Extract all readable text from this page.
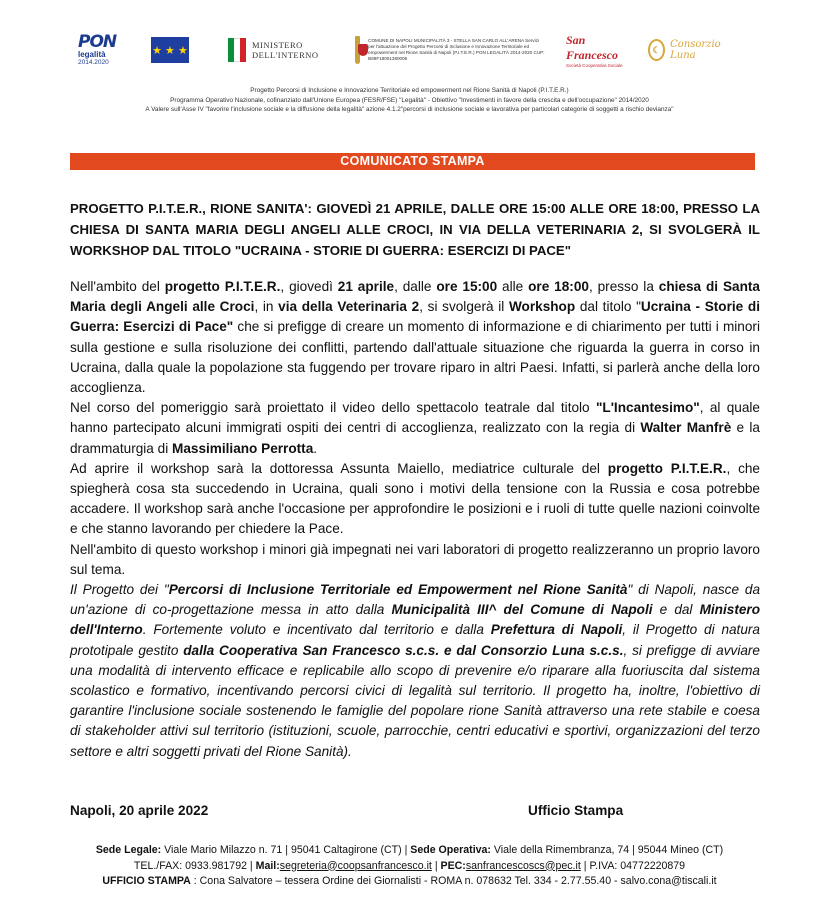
PON
legalità
2014.2020
★ ★ ★	MINISTERO
DELL'INTERNO
COMUNE DI NAPOLI MUNICIPALITÀ 3 - STELLA SAN CARLO ALL'ARENA Servizi per l'attuazione del Progetto Percorsi di Inclusione e Innovazione Territoriale ed empowerment nel Rione Sanità di Napoli (P.I.T.E.R.) PON LEGALITÀ 2014-2020 CUP: B69F18001380005
San Francesco
Società Cooperativa Sociale
☾ Consorzio Luna
Progetto Percorsi di Inclusione e Innovazione Territoriale ed empowerment nel Rione Sanità di Napoli (P.I.T.E.R.)
Programma Operativo Nazionale, cofinanziato dall'Unione Europea (FESR/FSE) "Legalità" - Obiettivo "Investimenti in favore della crescita e dell'occupazione" 2014/2020
A Valere sull'Asse IV "favorire l'inclusione sociale e la diffusione della legalità" azione 4.1.2"percorsi di inclusione sociale e lavorativa per particolari categorie di soggetti a rischio devianza"
COMUNICATO STAMPA
PROGETTO P.I.T.E.R., RIONE SANITA': GIOVEDÌ 21 APRILE, DALLE ORE 15:00 ALLE ORE 18:00, PRESSO LA CHIESA DI SANTA MARIA DEGLI ANGELI ALLE CROCI, IN VIA DELLA VETERINARIA 2, SI SVOLGERÀ IL WORKSHOP DAL TITOLO "UCRAINA - STORIE DI GUERRA: ESERCIZI DI PACE"

Nell'ambito del progetto P.I.T.E.R., giovedì 21 aprile, dalle ore 15:00 alle ore 18:00, presso la chiesa di Santa Maria degli Angeli alle Croci, in via della Veterinaria 2, si svolgerà il Workshop dal titolo "Ucraina - Storie di Guerra: Esercizi di Pace" che si prefigge di creare un momento di informazione e di chiarimento per tutti i minori sulla gestione e sulla risoluzione dei conflitti, partendo dall'attuale situazione che riguarda la guerra in corso in Ucraina, dalla quale la popolazione sta fuggendo per trovare riparo in altri Paesi. Infatti, si parlerà anche della loro accoglienza.

Nel corso del pomeriggio sarà proiettato il video dello spettacolo teatrale dal titolo "L'Incantesimo", al quale hanno partecipato alcuni immigrati ospiti dei centri di accoglienza, realizzato con la regia di Walter Manfrè e la drammaturgia di Massimiliano Perrotta.

Ad aprire il workshop sarà la dottoressa Assunta Maiello, mediatrice culturale del progetto P.I.T.E.R., che spiegherà cosa sta succedendo in Ucraina, quali sono i motivi della tensione con la Russia e cosa potrebbe accadere. Il workshop sarà anche l'occasione per approfondire le posizioni e i ruoli di tutte quelle nazioni coinvolte e che stanno lavorando per chiedere la Pace.

Nell'ambito di questo workshop i minori già impegnati nei vari laboratori di progetto realizzeranno un proprio lavoro sul tema.

Il Progetto dei "Percorsi di Inclusione Territoriale ed Empowerment nel Rione Sanità" di Napoli, nasce da un'azione di co-progettazione messa in atto dalla Municipalità III^ del Comune di Napoli e dal Ministero dell'Interno. Fortemente voluto e incentivato dal territorio e dalla Prefettura di Napoli, il Progetto di natura prototipale gestito dalla Cooperativa San Francesco s.c.s. e dal Consorzio Luna s.c.s., si prefigge di avviare una modalità di intervento efficace e replicabile allo scopo di prevenire e/o riparare alla fuoriuscita dal sistema scolastico e formativo, incentivando percorsi civici di legalità sul territorio. Il progetto ha, inoltre, l'obiettivo di garantire l'inclusione sociale sostenendo le famiglie del popolare rione Sanità attraverso una rete stabile e coesa di stakeholder attivi sul territorio (istituzioni, scuole, parrocchie, centri educativi e sportivi, organizzazioni del terzo settore e altri soggetti privati del Rione Sanità).

Napoli, 20 aprile 2022	Ufficio Stampa
Sede Legale: Viale Mario Milazzo n. 71 | 95041 Caltagirone (CT) | Sede Operativa: Viale della Rimembranza, 74 | 95044 Mineo (CT)
TEL./FAX: 0933.981792 | Mail:segreteria@coopsanfrancesco.it | PEC:sanfrancescoscs@pec.it | P.IVA: 04772220879
UFFICIO STAMPA : Cona Salvatore – tessera Ordine dei Giornalisti - ROMA n. 078632 Tel. 334 - 2.77.55.40 - salvo.cona@tiscali.it
